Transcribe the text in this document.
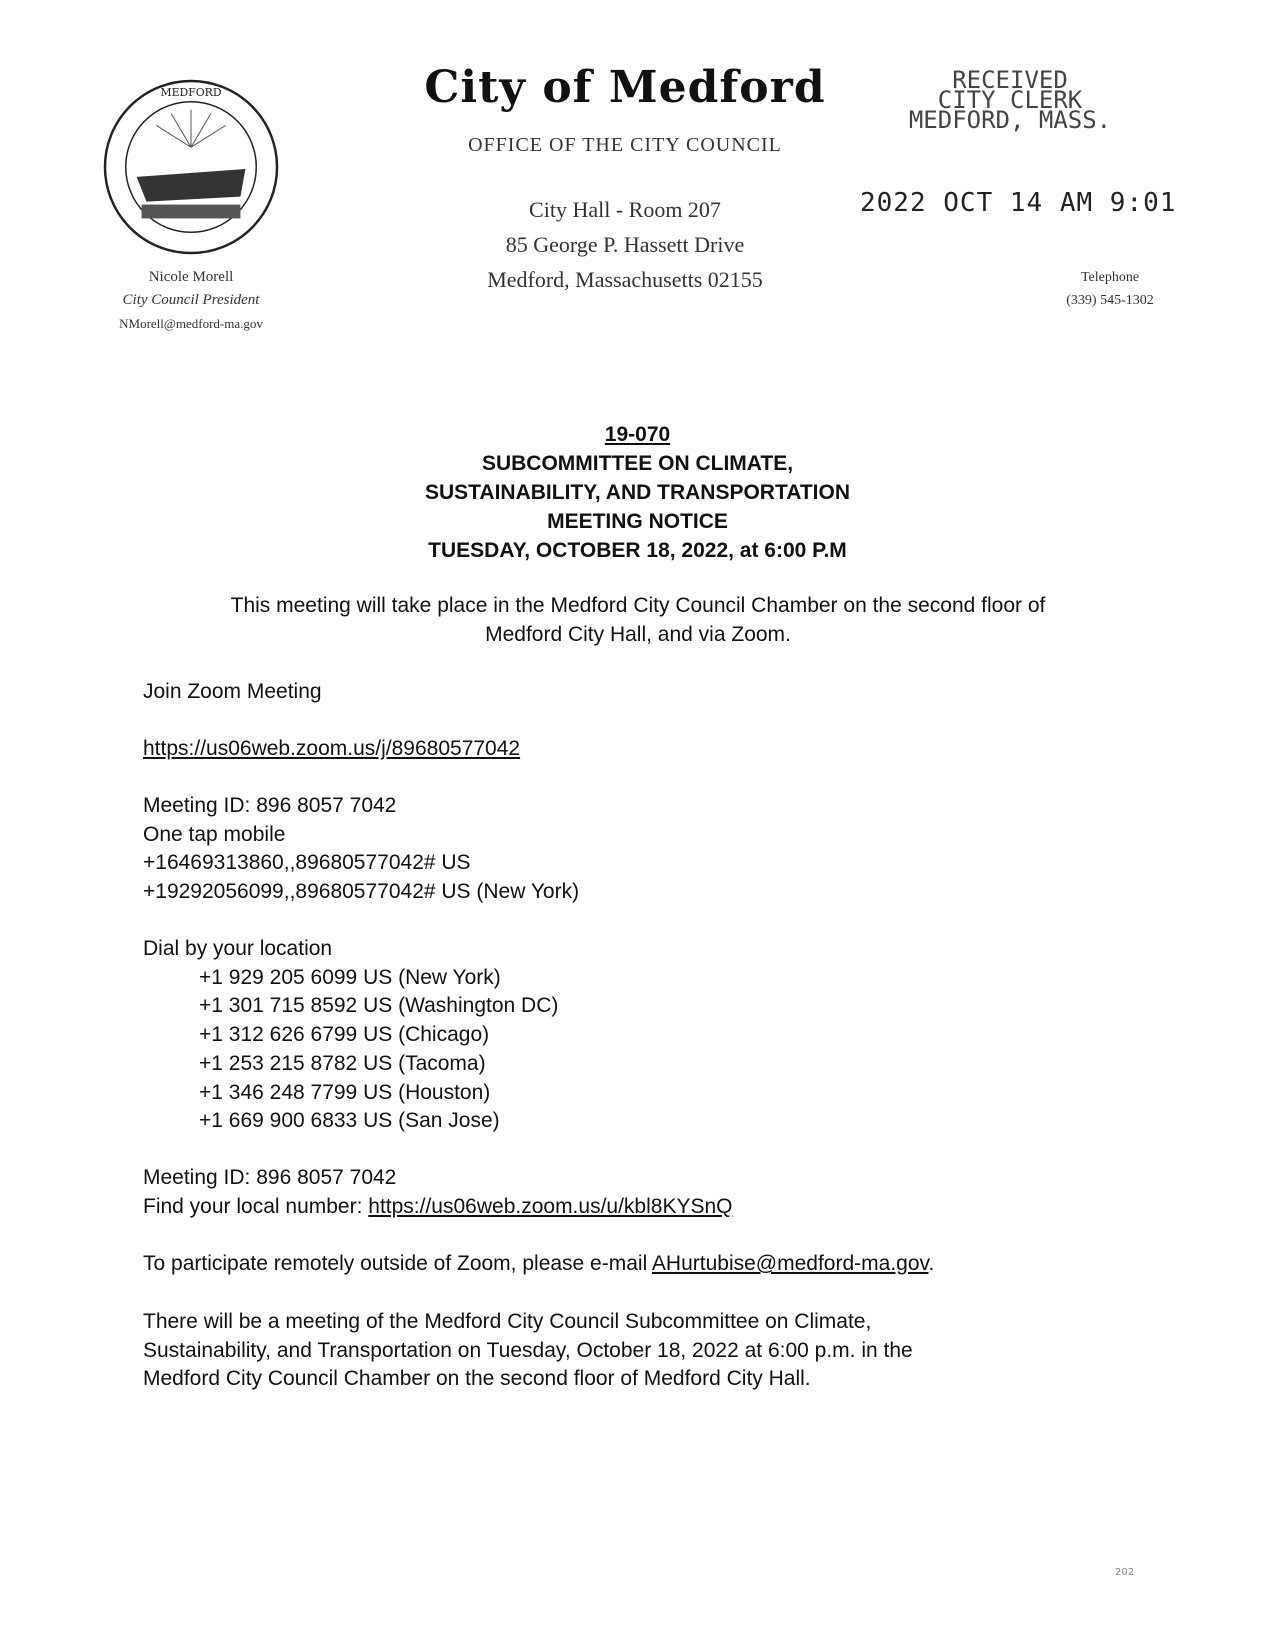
MEDFORD
Nicole Morell
City Council President
NMorell@medford-ma.gov
City of Medford
OFFICE OF THE CITY COUNCIL
City Hall - Room 207
85 George P. Hassett Drive
Medford, Massachusetts 02155
RECEIVED
CITY CLERK
MEDFORD, MASS.
2022 OCT 14 AM 9:01
Telephone
(339) 545-1302
19-070
SUBCOMMITTEE ON CLIMATE,
SUSTAINABILITY, AND TRANSPORTATION
MEETING NOTICE
TUESDAY, OCTOBER 18, 2022, at 6:00 P.M
This meeting will take place in the Medford City Council Chamber on the second floor of
Medford City Hall, and via Zoom.
Join Zoom Meeting
https://us06web.zoom.us/j/89680577042
Meeting ID: 896 8057 7042
One tap mobile
+16469313860,,89680577042# US
+19292056099,,89680577042# US (New York)
Dial by your location
+1 929 205 6099 US (New York)
+1 301 715 8592 US (Washington DC)
+1 312 626 6799 US (Chicago)
+1 253 215 8782 US (Tacoma)
+1 346 248 7799 US (Houston)
+1 669 900 6833 US (San Jose)
Meeting ID: 896 8057 7042
Find your local number: https://us06web.zoom.us/u/kbl8KYSnQ
To participate remotely outside of Zoom, please e-mail AHurtubise@medford-ma.gov.
There will be a meeting of the Medford City Council Subcommittee on Climate,
Sustainability, and Transportation on Tuesday, October 18, 2022 at 6:00 p.m. in the
Medford City Council Chamber on the second floor of Medford City Hall.
202
